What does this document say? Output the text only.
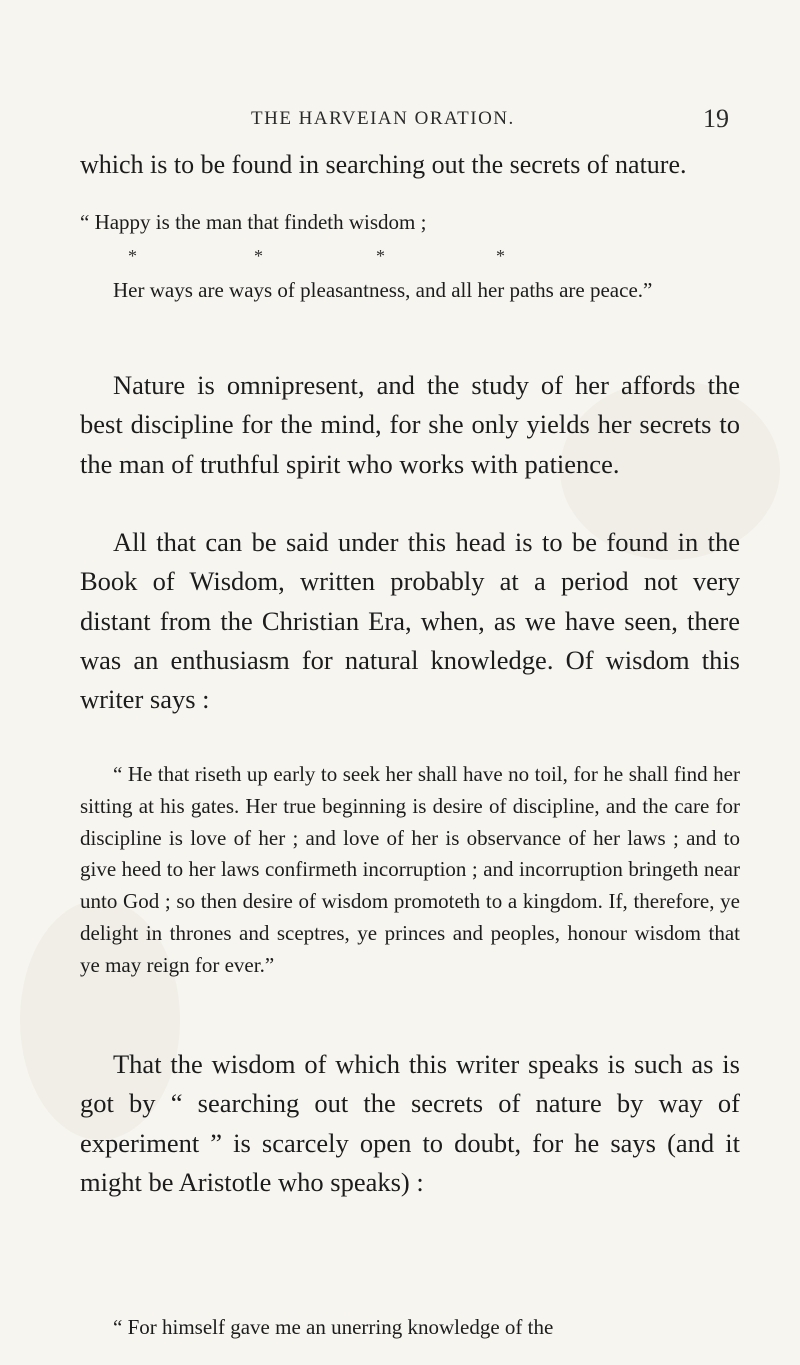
THE HARVEIAN ORATION.	19
which is to be found in searching out the secrets of nature.
“ Happy is the man that findeth wisdom ;
*	*	*	*
Her ways are ways of pleasantness, and all her paths are peace.”
Nature is omnipresent, and the study of her affords the best discipline for the mind, for she only yields her secrets to the man of truthful spirit who works with patience.
All that can be said under this head is to be found in the Book of Wisdom, written probably at a period not very distant from the Christian Era, when, as we have seen, there was an enthusiasm for natural knowledge. Of wisdom this writer says :
“ He that riseth up early to seek her shall have no toil, for he shall find her sitting at his gates. Her true beginning is desire of discipline, and the care for discipline is love of her ; and love of her is observance of her laws ; and to give heed to her laws confirmeth incorruption ; and incorruption bringeth near unto God ; so then desire of wisdom promoteth to a kingdom. If, therefore, ye delight in thrones and sceptres, ye princes and peoples, honour wisdom that ye may reign for ever.”
That the wisdom of which this writer speaks is such as is got by “ searching out the secrets of nature by way of experiment ” is scarcely open to doubt, for he says (and it might be Aristotle who speaks) :
“ For himself gave me an unerring knowledge of the
